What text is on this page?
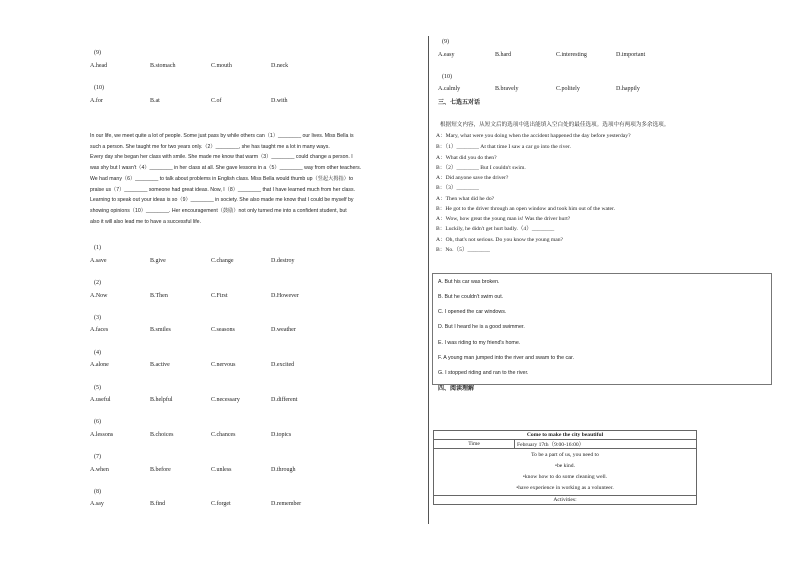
(9)
A.head	B.stomach	C.mouth	D.neck
(10)
A.for	B.at	C.of	D.with
In our life, we meet quite a lot of people. Some just pass by while others can（1）________ our lives. Miss Bella is
such a person. She taught me for two years only.（2）________, she has taught me a lot in many ways.
Every day she began her class with smile. She made me know that warm（3）________ could change a person. I
was shy but I wasn't（4）________ in her class at all. She gave lessons in a（5）________ way from other teachers.
We had many（6）________ to talk about problems in English class. Miss Bella would thumb up（竖起大拇指）to
praise us（7）________ someone had great ideas. Now, I（8）________ that I have learned much from her class.
Learning to speak out your ideas is so（9）________ in society. She also made me know that I could be myself by
showing opinions（10）________. Her encouragement（鼓励）not only turned me into a confident student, but
also it will also lead me to have a successful life.
(1)
A.save	B.give	C.change	D.destroy
(2)
A.Now	B.Then	C.First	D.However
(3)
A.faces	B.smiles	C.seasons	D.weather
(4)
A.alone	B.active	C.nervous	D.excited
(5)
A.useful	B.helpful	C.necessary	D.different
(6)
A.lessons	B.choices	C.chances	D.topics
(7)
A.when	B.before	C.unless	D.through
(8)
A.say	B.find	C.forget	D.remember
(9)
A.easy	B.hard	C.interesting	D.important
(10)
A.calmly	B.bravely	C.politely	D.happily
三、七选五对话
根据短文内容，从短文后的选项中选出能填入空白处的最佳选项。选项中有两项为多余选项。
A：Mary, what were you doing when the accident happened the day before yesterday?
B：（1）________ At that time I saw a car go into the river.
A：What did you do then?
B：（2）________ But I couldn't swim.
A：Did anyone save the driver?
B：（3）________
A：Then what did he do?
B：He got to the driver through an open window and took him out of the water.
A：Wow, how great the young man is! Was the driver hurt?
B：Luckily, he didn't get hurt badly.（4）________
A：Oh, that's not serious. Do you know the young man?
B：No.（5）________
四、阅读理解
A. But his car was broken.
B. But he couldn't swim out.
C. I opened the car windows.
D. But I heard he is a good swimmer.
E. I was riding to my friend's home.
F. A young man jumped into the river and swam to the car.
G. I stopped riding and ran to the river.
Come to make the city beautiful
Time	February 17th（9:00-16:00）

To be a part of us, you need to
•be kind.
•know how to do some cleaning well.
•have experience in working as a volunteer.

Activities:
